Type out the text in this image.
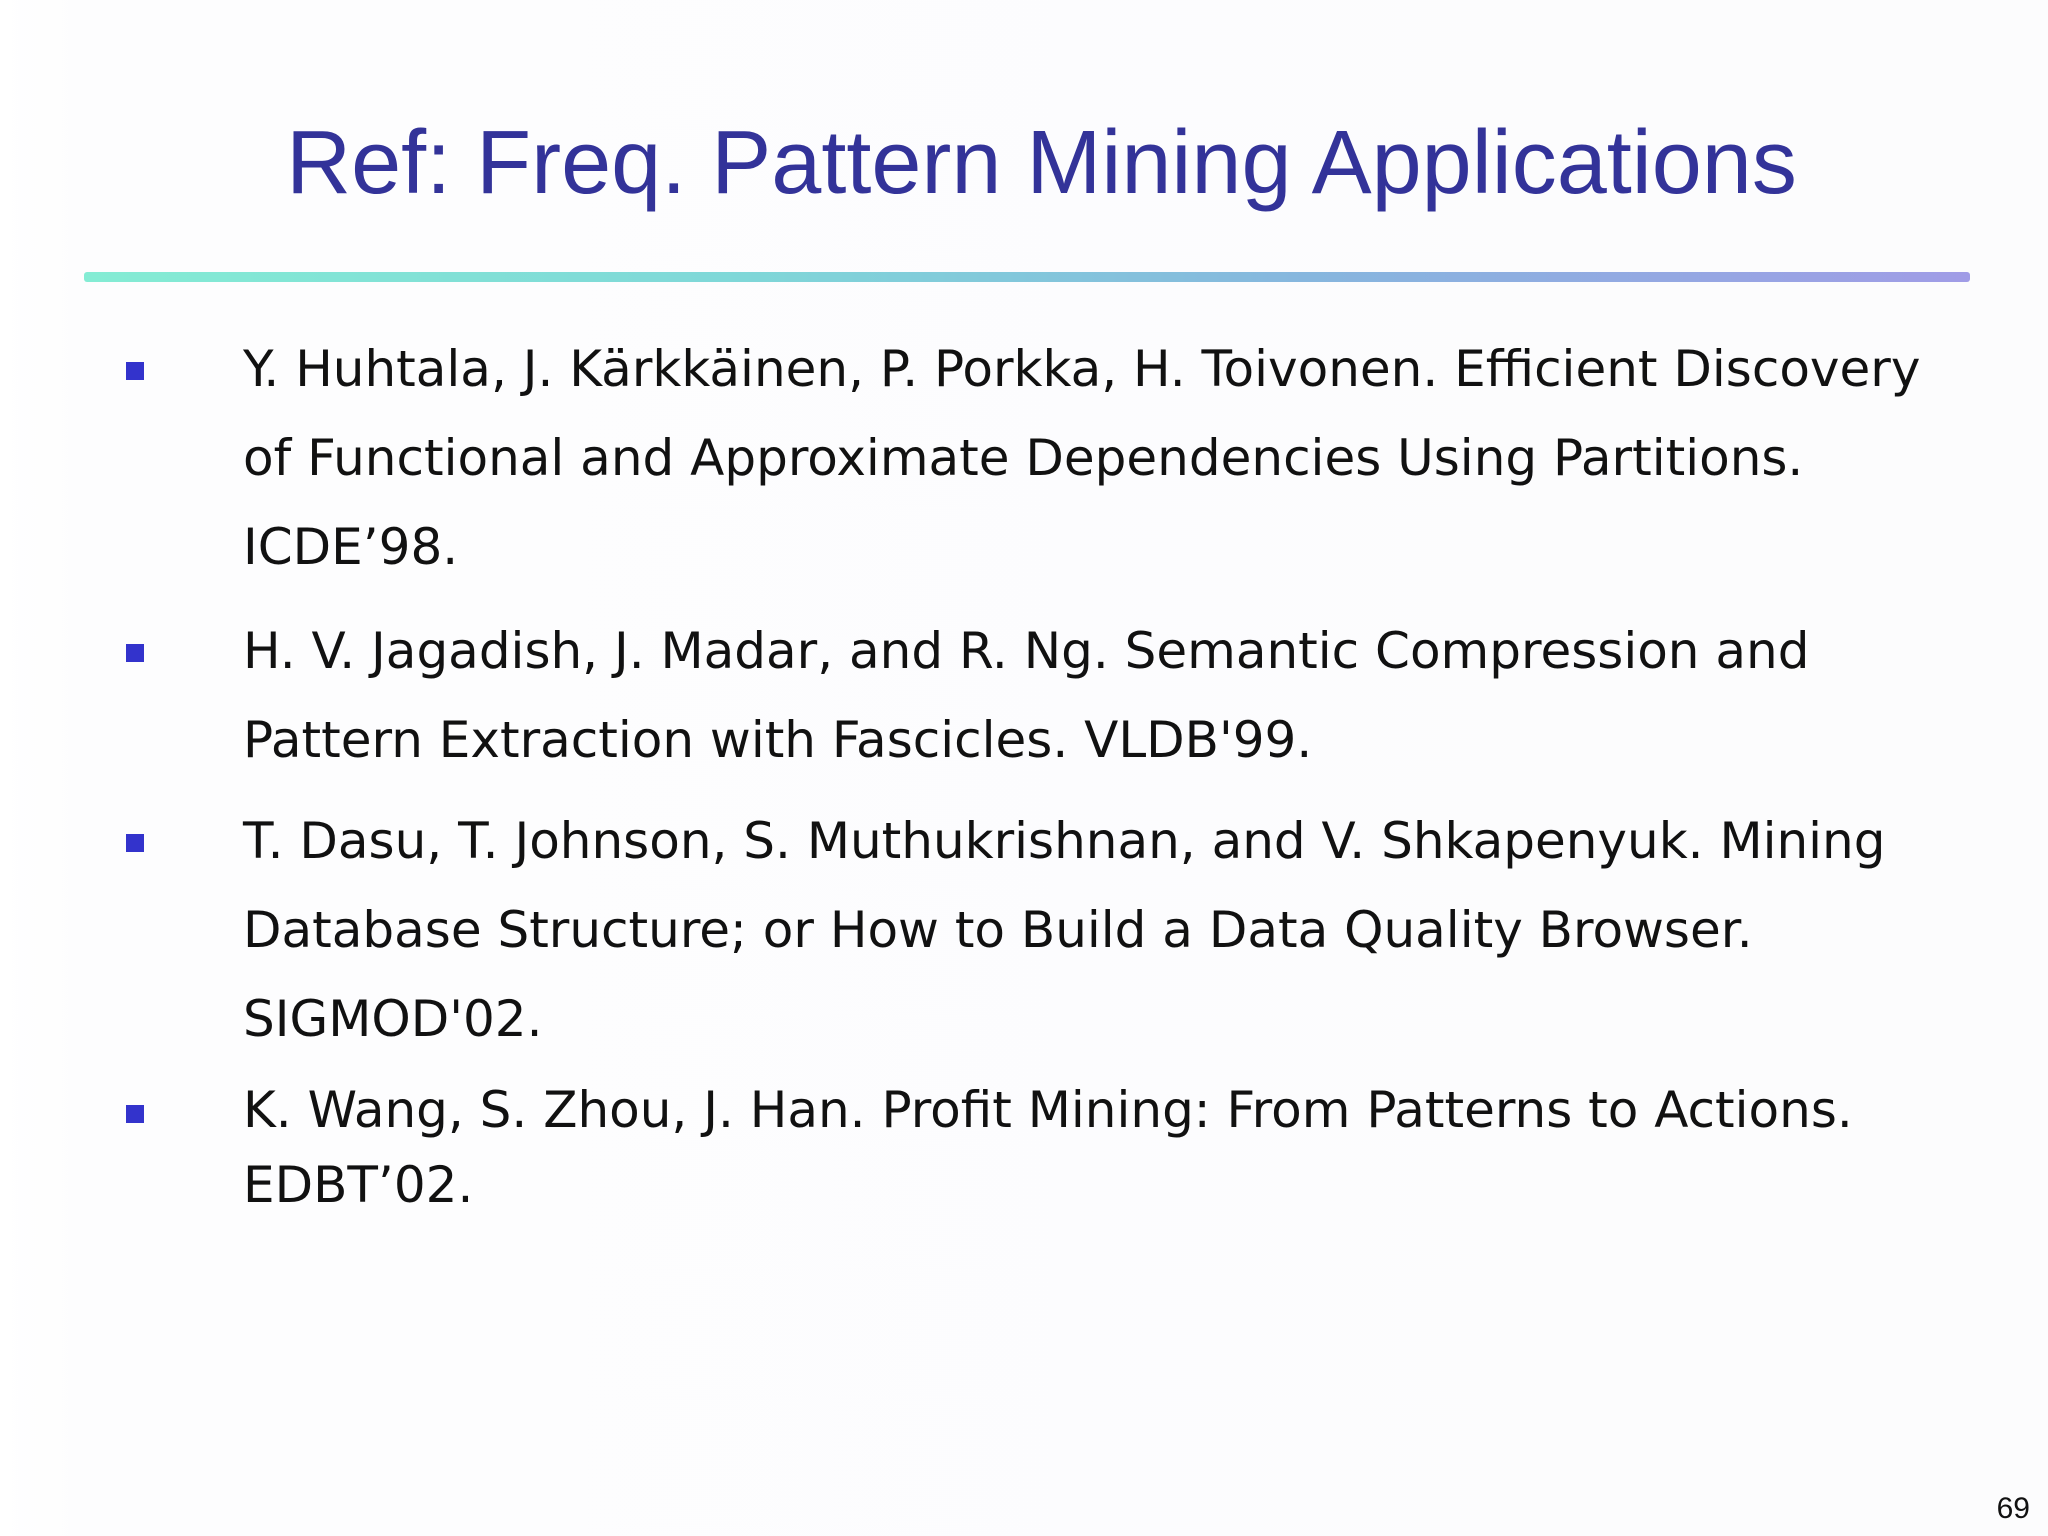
Ref: Freq. Pattern Mining Applications

Y. Huhtala, J. Kärkkäinen, P. Porkka, H. Toivonen. Efficient Discovery of Functional and Approximate Dependencies Using Partitions. ICDE’98.

H. V. Jagadish, J. Madar, and R. Ng. Semantic Compression and Pattern Extraction with Fascicles. VLDB'99.

T. Dasu, T. Johnson, S. Muthukrishnan, and V. Shkapenyuk. Mining Database Structure; or How to Build a Data Quality Browser. SIGMOD'02.

K. Wang, S. Zhou, J. Han. Profit Mining: From Patterns to Actions. EDBT’02.

69
